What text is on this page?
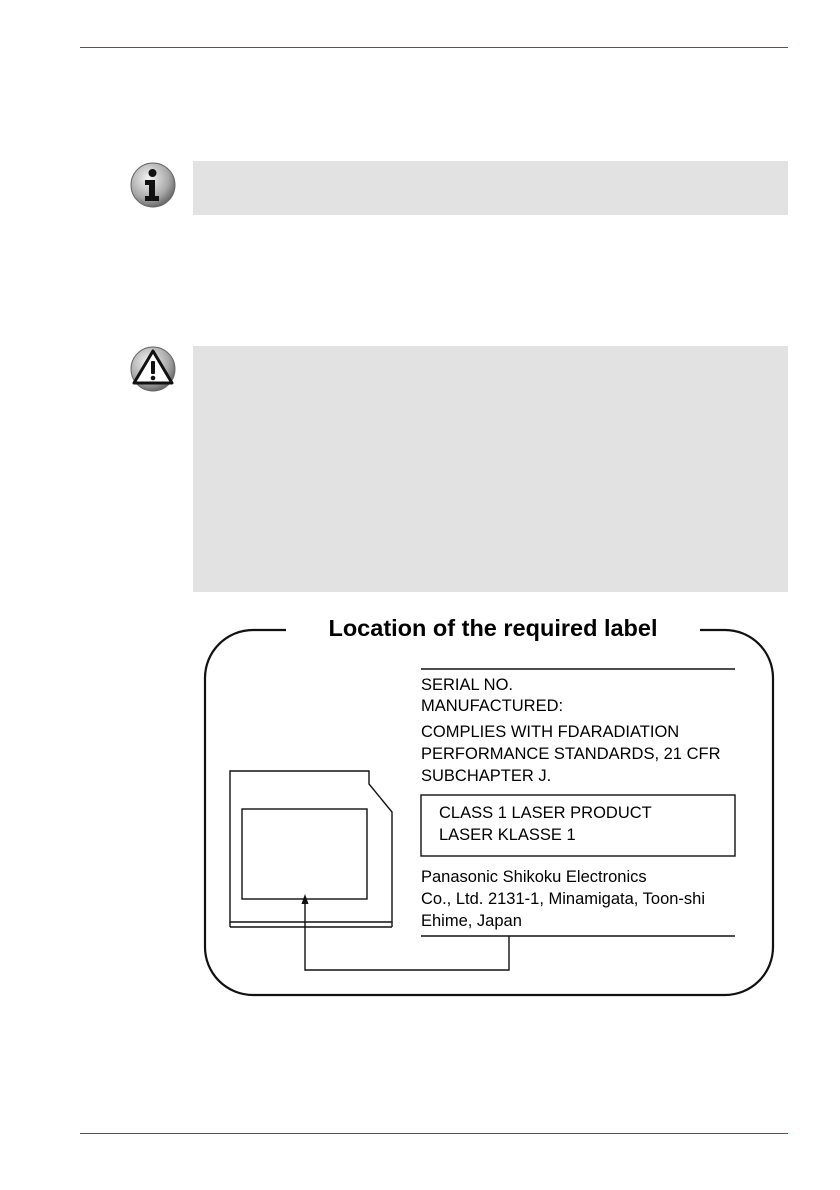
Location of the required label
SERIAL NO.
MANUFACTURED:
COMPLIES WITH FDARADIATION
PERFORMANCE STANDARDS, 21 CFR
SUBCHAPTER J.
CLASS 1 LASER PRODUCT
LASER KLASSE 1
Panasonic Shikoku Electronics
Co., Ltd. 2131-1, Minamigata, Toon-shi
Ehime, Japan
